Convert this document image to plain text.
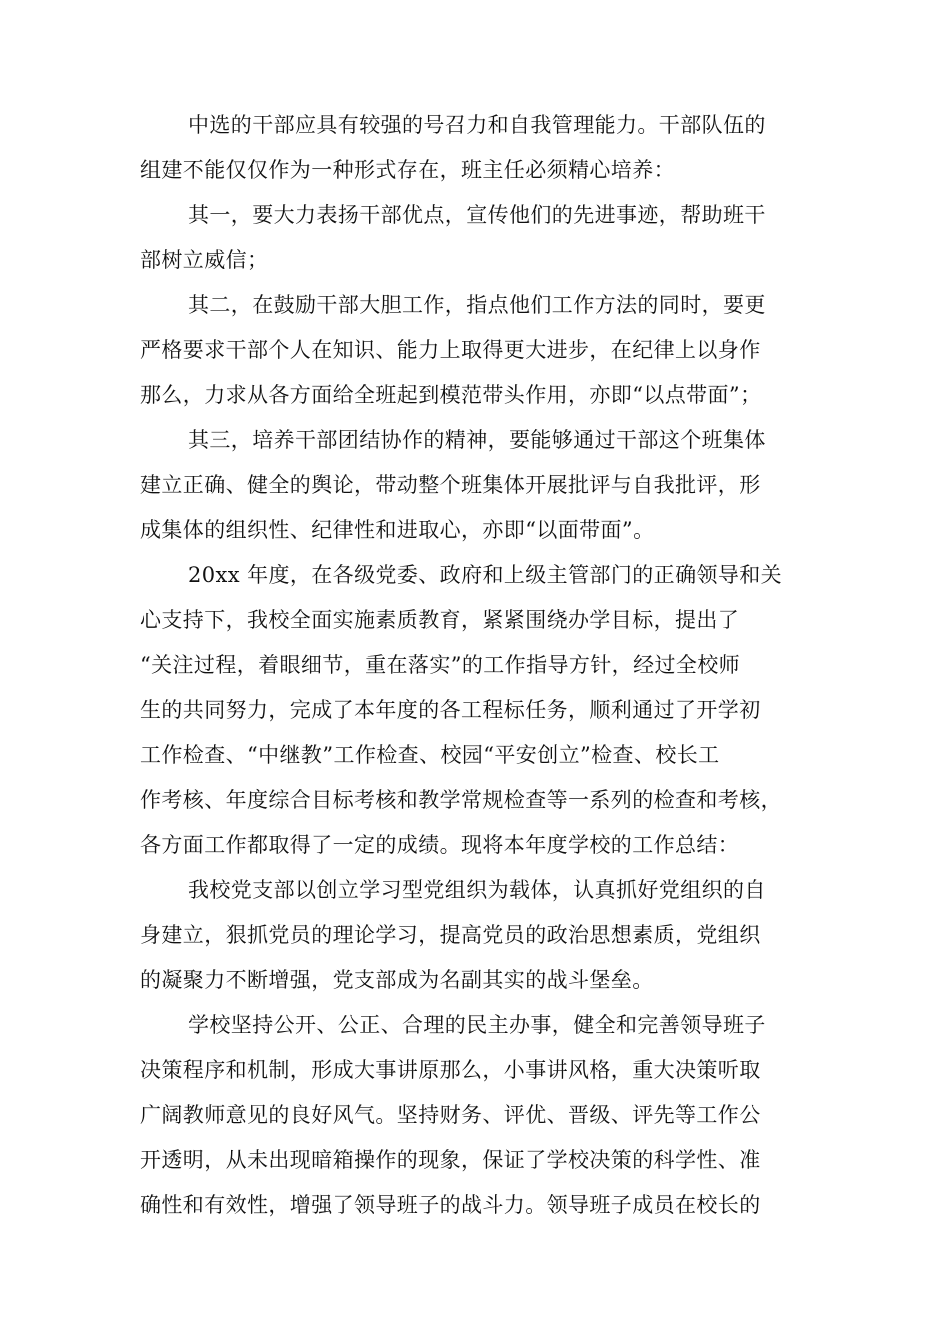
中选的干部应具有较强的号召力和自我管理能力。干部队伍的
组建不能仅仅作为一种形式存在，班主任必须精心培养：
其一，要大力表扬干部优点，宣传他们的先进事迹，帮助班干
部树立威信；
其二，在鼓励干部大胆工作，指点他们工作方法的同时，要更
严格要求干部个人在知识、能力上取得更大进步，在纪律上以身作
那么，力求从各方面给全班起到模范带头作用，亦即“以点带面”；
其三，培养干部团结协作的精神，要能够通过干部这个班集体
建立正确、健全的舆论，带动整个班集体开展批评与自我批评，形
成集体的组织性、纪律性和进取心，亦即“以面带面”。
20xx 年度，在各级党委、政府和上级主管部门的正确领导和关
心支持下，我校全面实施素质教育，紧紧围绕办学目标，提出了
“关注过程，着眼细节，重在落实”的工作指导方针，经过全校师
生的共同努力，完成了本年度的各工程标任务，顺利通过了开学初
工作检查、“中继教”工作检查、校园“平安创立”检查、校长工
作考核、年度综合目标考核和教学常规检查等一系列的检查和考核，
各方面工作都取得了一定的成绩。现将本年度学校的工作总结：
我校党支部以创立学习型党组织为载体，认真抓好党组织的自
身建立，狠抓党员的理论学习，提高党员的政治思想素质，党组织
的凝聚力不断增强，党支部成为名副其实的战斗堡垒。
学校坚持公开、公正、合理的民主办事，健全和完善领导班子
决策程序和机制，形成大事讲原那么，小事讲风格，重大决策听取
广阔教师意见的良好风气。坚持财务、评优、晋级、评先等工作公
开透明，从未出现暗箱操作的现象，保证了学校决策的科学性、准
确性和有效性，增强了领导班子的战斗力。领导班子成员在校长的
